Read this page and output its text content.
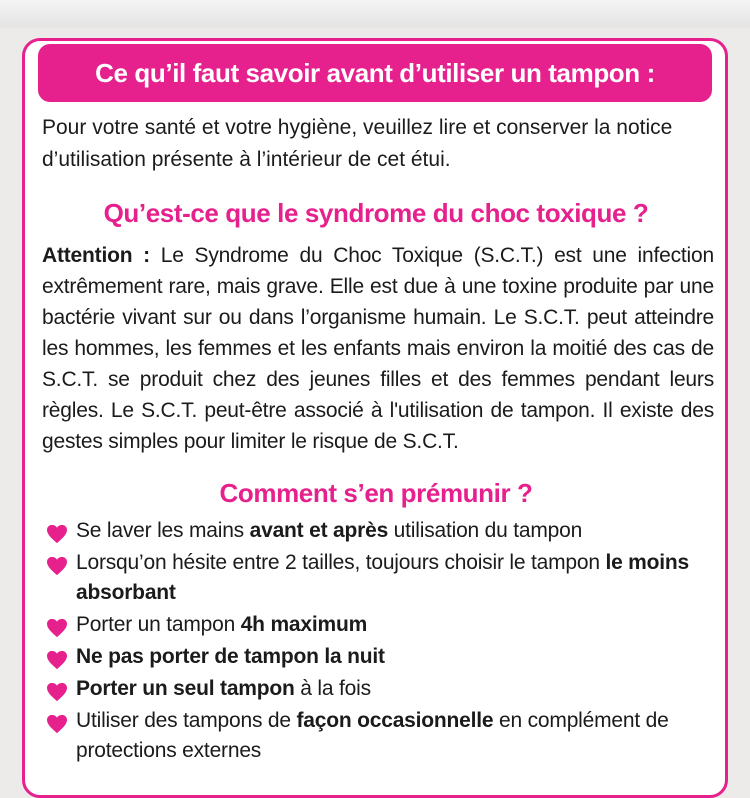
Ce qu’il faut savoir avant d’utiliser un tampon :

Pour votre santé et votre hygiène, veuillez lire et conserver la notice d’utilisation présente à l’intérieur de cet étui.

Qu’est-ce que le syndrome du choc toxique ?

Attention : Le Syndrome du Choc Toxique (S.C.T.) est une infection extrêmement rare, mais grave. Elle est due à une toxine produite par une bactérie vivant sur ou dans l’organisme humain. Le S.C.T. peut atteindre les hommes, les femmes et les enfants mais environ la moitié des cas de S.C.T. se produit chez des jeunes filles et des femmes pendant leurs règles. Le S.C.T. peut-être associé à l'utilisation de tampon. Il existe des gestes simples pour limiter le risque de S.C.T.

Comment s’en prémunir ?
Se laver les mains avant et après utilisation du tampon
Lorsqu’on hésite entre 2 tailles, toujours choisir le tampon le moins absorbant
Porter un tampon 4h maximum
Ne pas porter de tampon la nuit
Porter un seul tampon à la fois
Utiliser des tampons de façon occasionnelle en complément de protections externes
